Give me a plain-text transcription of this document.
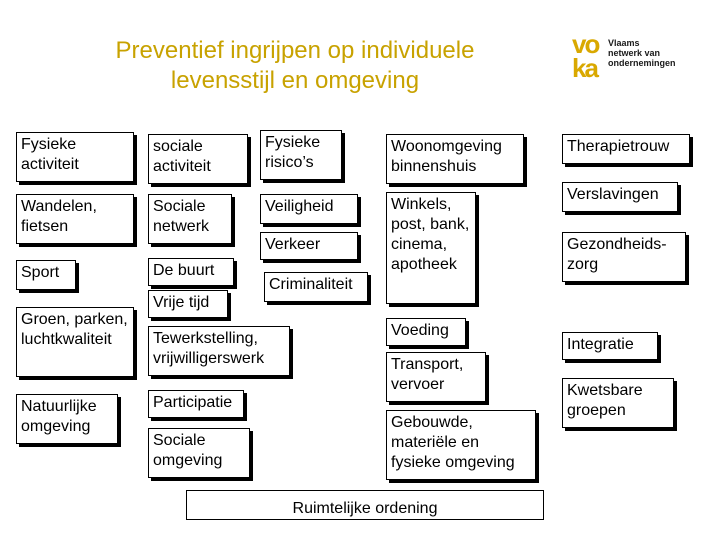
Preventief ingrijpen op individuele
levensstijl en omgeving
vo
ka
Vlaams
netwerk van
ondernemingen
Fysieke activiteit
Wandelen, fietsen
Sport
Groen, parken, luchtkwaliteit
Natuurlijke omgeving
sociale activiteit
Sociale netwerk
De buurt
Vrije tijd
Tewerkstelling, vrijwilligerswerk
Participatie
Sociale omgeving
Fysieke risico’s
Veiligheid
Verkeer
Criminaliteit
Woonomgeving binnenshuis
Winkels, post, bank, cinema, apotheek
Voeding
Transport, vervoer
Gebouwde, materiële en fysieke omgeving
Ruimtelijke ordening
Therapietrouw
Verslavingen
Gezondheids-zorg
Integratie
Kwetsbare groepen
